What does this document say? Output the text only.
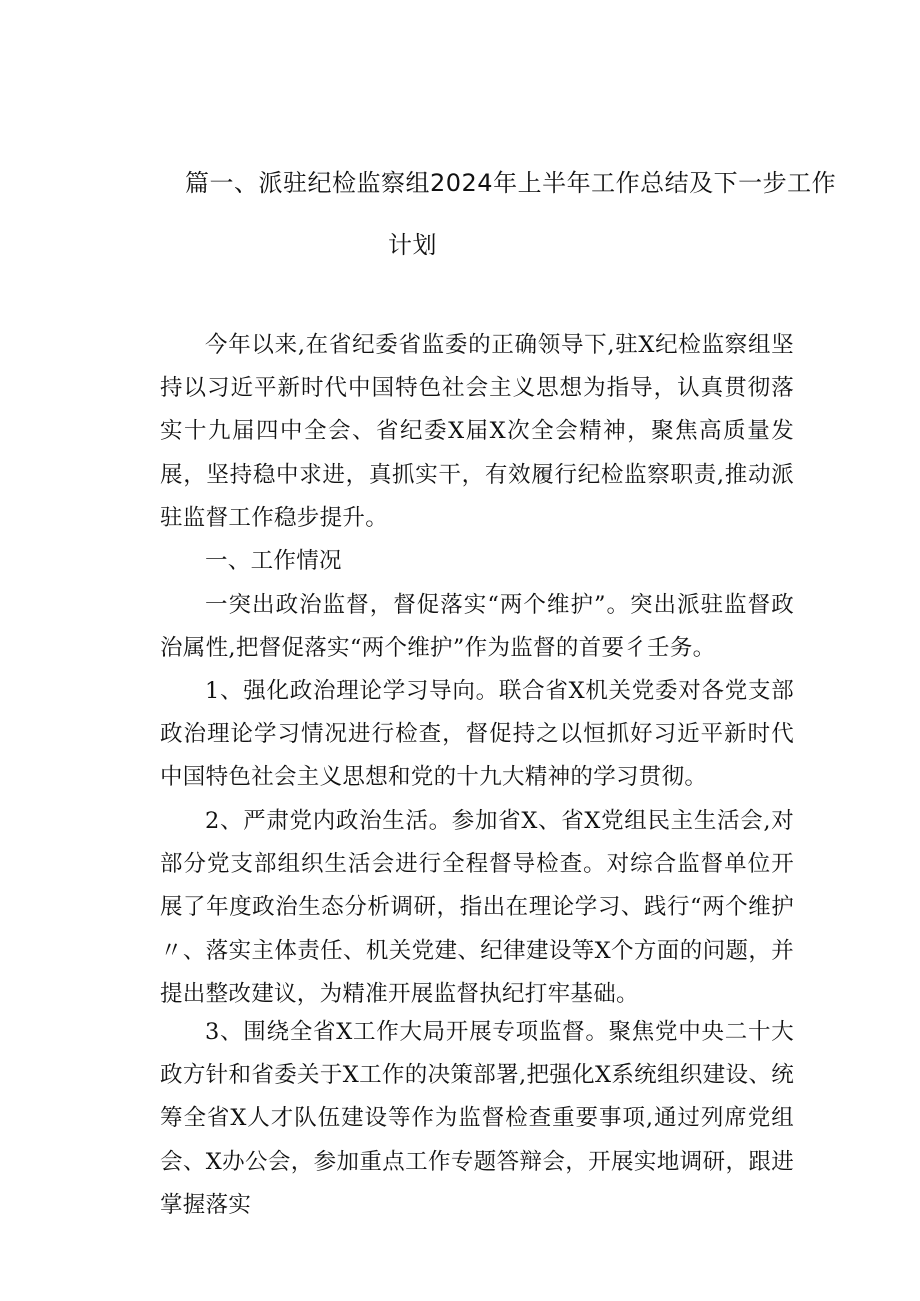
篇一、派驻纪检监察组2024年上半年工作总结及下一步工作
计划

今年以来,在省纪委省监委的正确领导下,驻X纪检监察组坚持以习近平新时代中国特色社会主义思想为指导，认真贯彻落实十九届四中全会、省纪委X届X次全会精神，聚焦高质量发展，坚持稳中求进，真抓实干，有效履行纪检监察职责,推动派驻监督工作稳步提升。

一、工作情况

一突出政治监督，督促落实“两个维护”。突出派驻监督政治属性,把督促落实“两个维护”作为监督的首要彳壬务。

1、强化政治理论学习导向。联合省X机关党委对各党支部政治理论学习情况进行检查，督促持之以恒抓好习近平新时代中国特色社会主义思想和党的十九大精神的学习贯彻。

2、严肃党内政治生活。参加省X、省X党组民主生活会,对部分党支部组织生活会进行全程督导检查。对综合监督单位开展了年度政治生态分析调研，指出在理论学习、践行“两个维护〃、落实主体责任、机关党建、纪律建设等X个方面的问题，并提出整改建议，为精准开展监督执纪打牢基础。

3、围绕全省X工作大局开展专项监督。聚焦党中央二十大政方针和省委关于X工作的决策部署,把强化X系统组织建设、统筹全省X人才队伍建设等作为监督检查重要事项,通过列席党组会、X办公会，参加重点工作专题答辩会，开展实地调研，跟进掌握落实
